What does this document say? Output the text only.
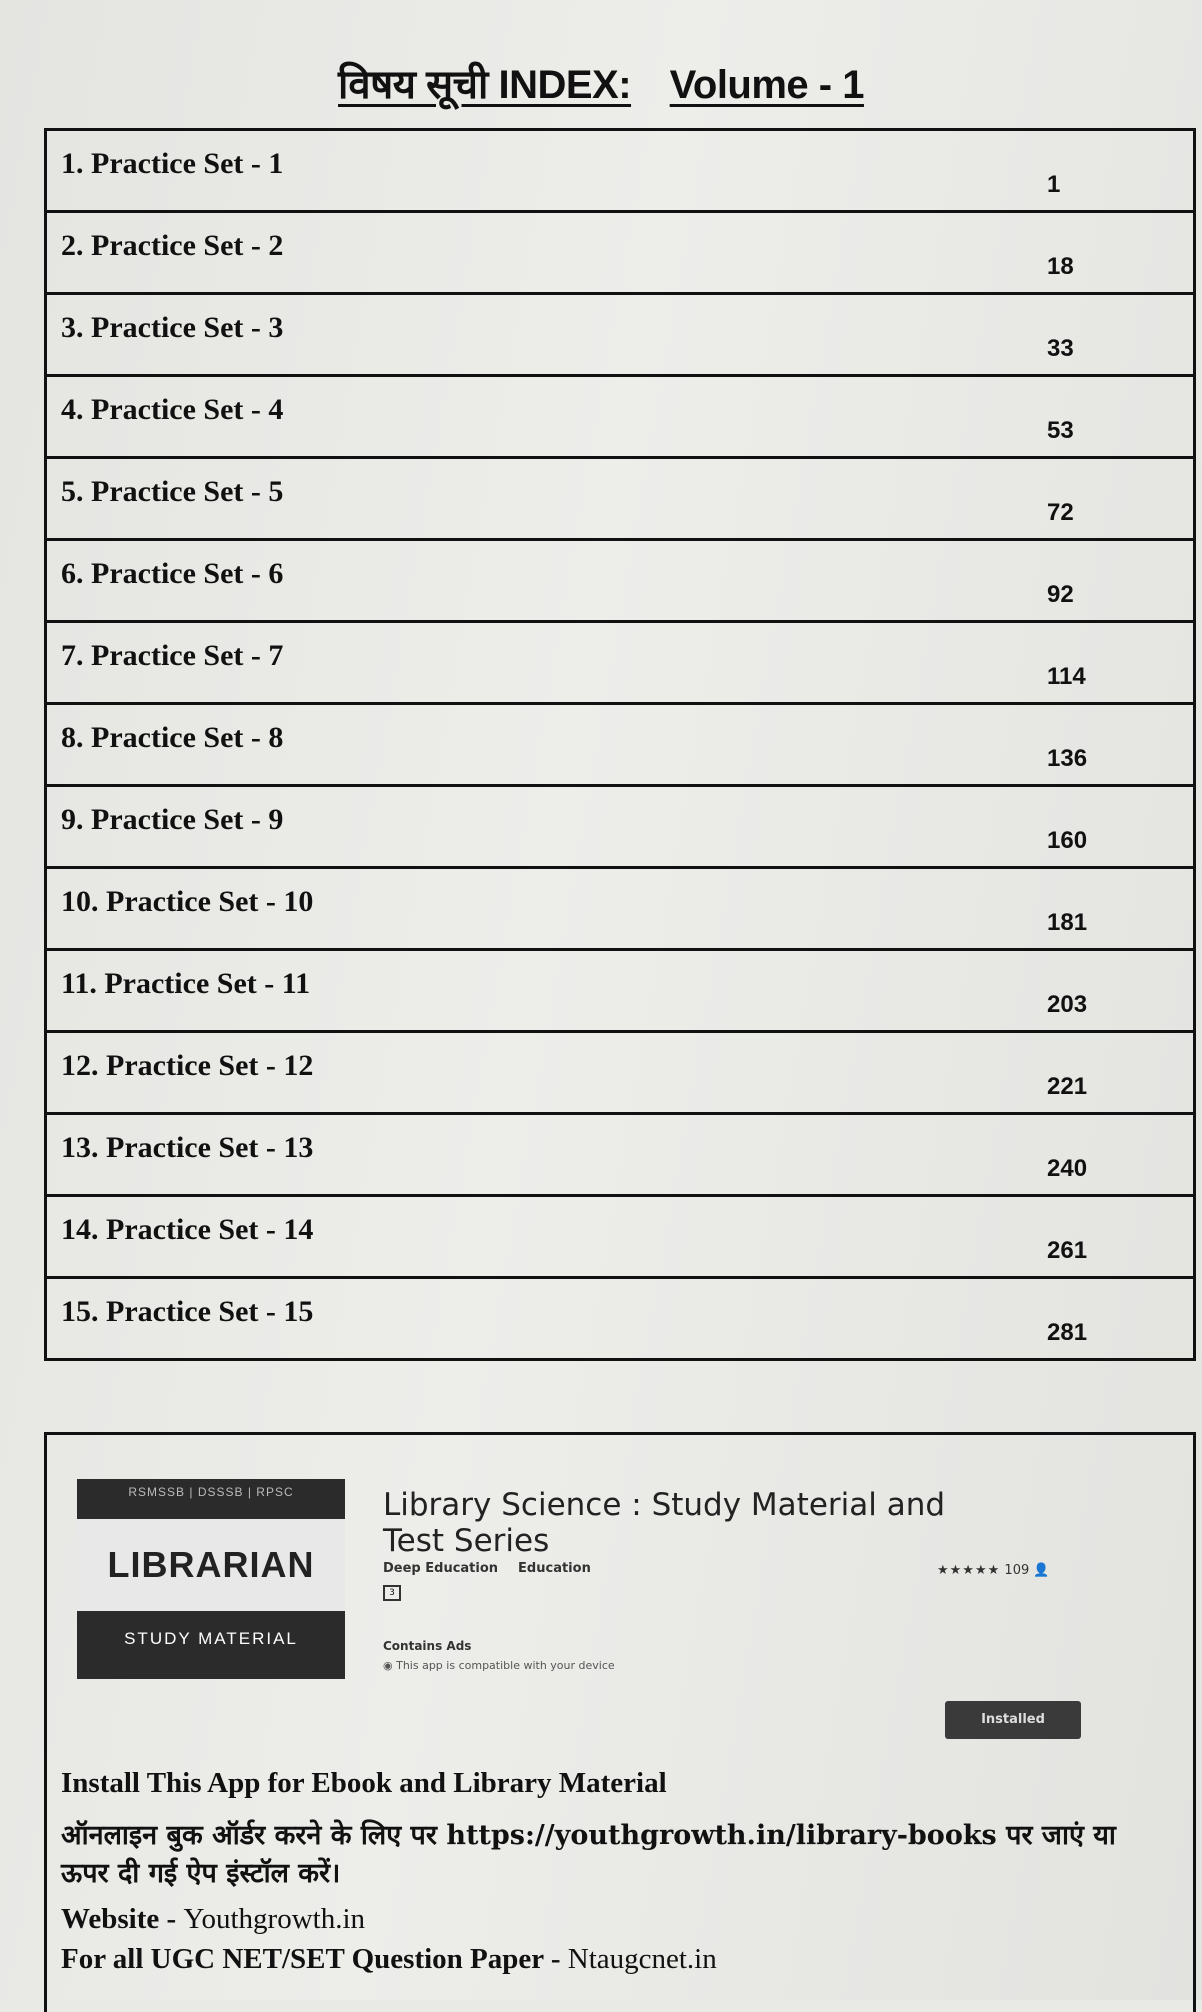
विषय सूची INDEX: Volume - 1
1. Practice Set - 1
1
2. Practice Set - 2
18
3. Practice Set - 3
33
4. Practice Set - 4
53
5. Practice Set - 5
72
6. Practice Set - 6
92
7. Practice Set - 7
114
8. Practice Set - 8
136
9. Practice Set - 9
160
10. Practice Set - 10
181
11. Practice Set - 11
203
12. Practice Set - 12
221
13. Practice Set - 13
240
14. Practice Set - 14
261
15. Practice Set - 15
281
RSMSSB | DSSSB | RPSC
LIBRARIAN
STUDY MATERIAL
Library Science : Study Material and Test Series
Deep Education Education
3
★★★★★ 109 👤
Contains Ads
◉ This app is compatible with your device
Installed
Install This App for Ebook and Library Material
ऑनलाइन बुक ऑर्डर करने के लिए पर https://youthgrowth.in/library-books पर जाएं या ऊपर दी गई ऐप इंस्टॉल करें।
Website - Youthgrowth.in
For all UGC NET/SET Question Paper - Ntaugcnet.in
